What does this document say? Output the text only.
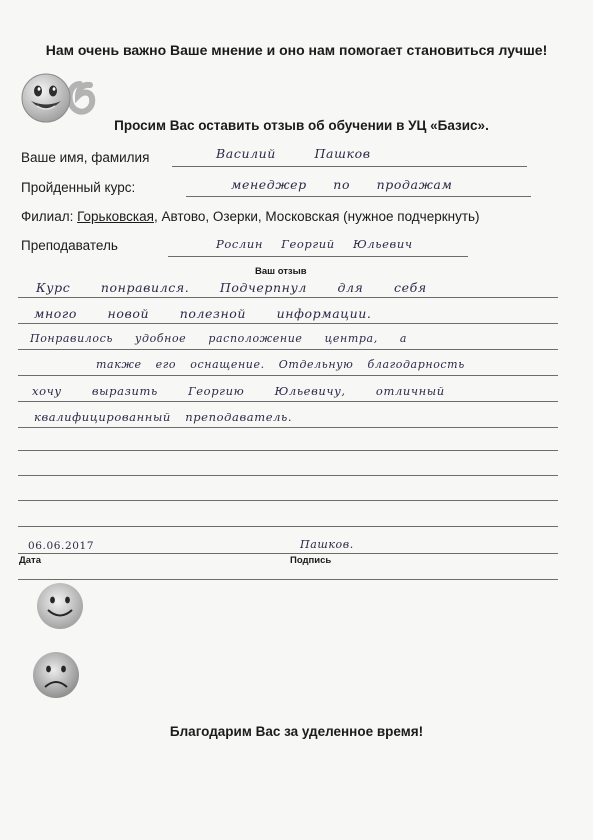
Нам очень важно Ваше мнение и оно нам помогает становиться лучше!
Просим Вас оставить отзыв об обучении в УЦ «Базис».
Ваше имя, фамилия	Василий Пашков
Пройденный курс:	менеджер по продажам
Филиал: Горьковская, Автово, Озерки, Московская (нужное подчеркнуть)
Преподаватель	Рослин Георгий Юльевич
Ваш отзыв
Курс понравился. Подчерпнул для себя
много новой полезной информации.
Понравилось удобное расположение центра, а
также его оснащение. Отдельную благодарность
хочу выразить Георгию Юльевичу, отличный
квалифицированный преподаватель.
06.06.2017	Пашков.
Дата	Подпись
Благодарим Вас за уделенное время!
